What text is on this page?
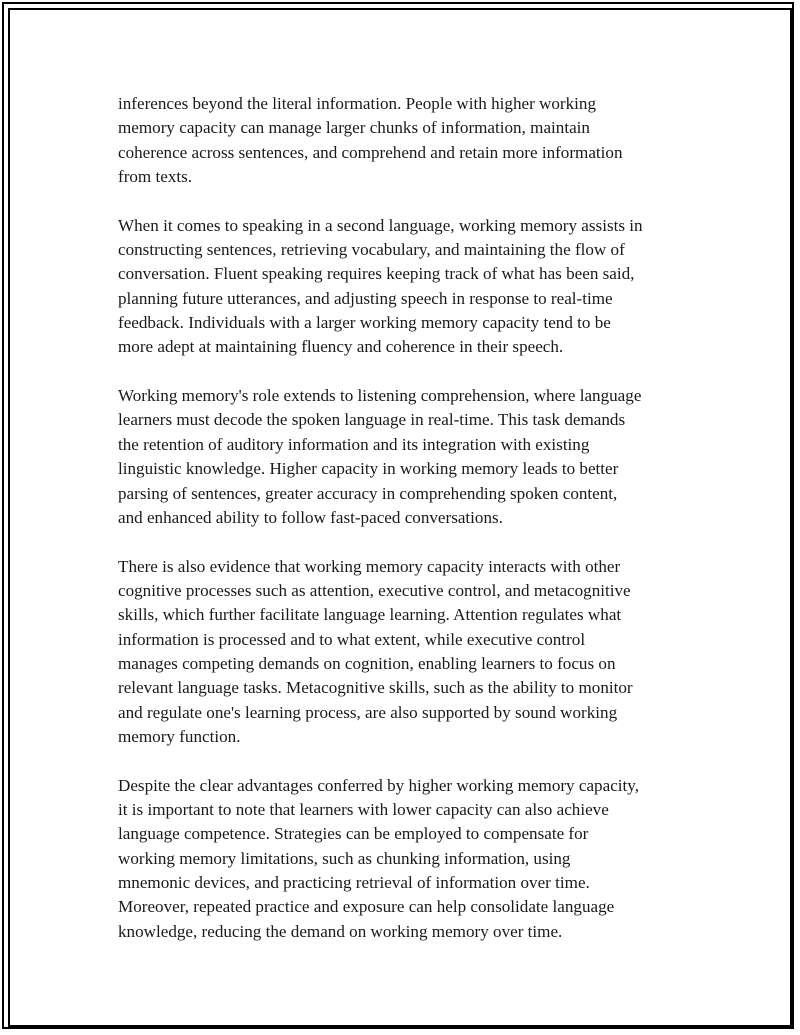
inferences beyond the literal information. People with higher working
memory capacity can manage larger chunks of information, maintain
coherence across sentences, and comprehend and retain more information
from texts.

When it comes to speaking in a second language, working memory assists in
constructing sentences, retrieving vocabulary, and maintaining the flow of
conversation. Fluent speaking requires keeping track of what has been said,
planning future utterances, and adjusting speech in response to real-time
feedback. Individuals with a larger working memory capacity tend to be
more adept at maintaining fluency and coherence in their speech.

Working memory's role extends to listening comprehension, where language
learners must decode the spoken language in real-time. This task demands
the retention of auditory information and its integration with existing
linguistic knowledge. Higher capacity in working memory leads to better
parsing of sentences, greater accuracy in comprehending spoken content,
and enhanced ability to follow fast-paced conversations.

There is also evidence that working memory capacity interacts with other
cognitive processes such as attention, executive control, and metacognitive
skills, which further facilitate language learning. Attention regulates what
information is processed and to what extent, while executive control
manages competing demands on cognition, enabling learners to focus on
relevant language tasks. Metacognitive skills, such as the ability to monitor
and regulate one's learning process, are also supported by sound working
memory function.

Despite the clear advantages conferred by higher working memory capacity,
it is important to note that learners with lower capacity can also achieve
language competence. Strategies can be employed to compensate for
working memory limitations, such as chunking information, using
mnemonic devices, and practicing retrieval of information over time.
Moreover, repeated practice and exposure can help consolidate language
knowledge, reducing the demand on working memory over time.
